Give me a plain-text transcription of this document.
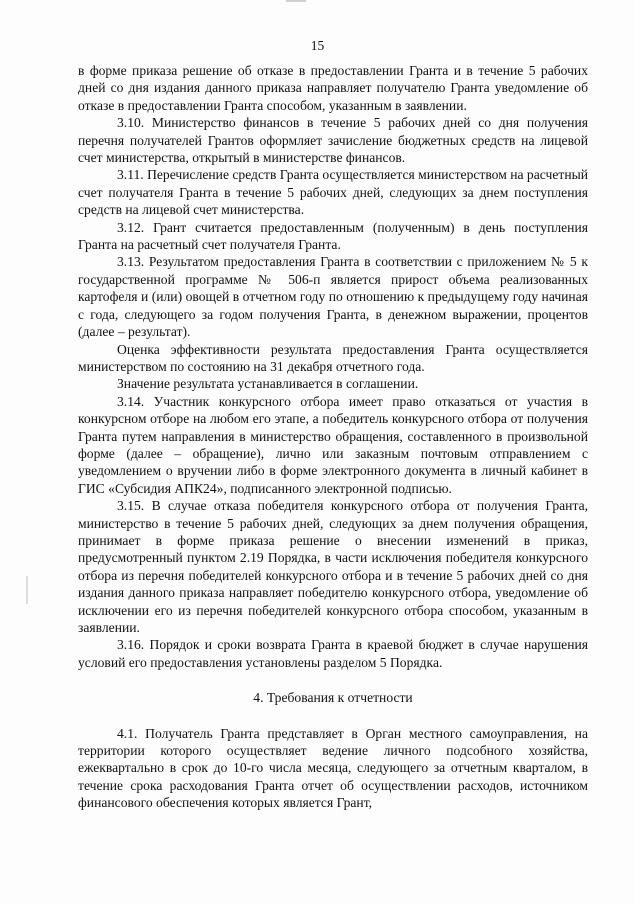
15

в форме приказа решение об отказе в предоставлении Гранта и в течение 5 рабочих дней со дня издания данного приказа направляет получателю Гранта уведомление об отказе в предоставлении Гранта способом, указанным в заявлении.

3.10. Министерство финансов в течение 5 рабочих дней со дня получения перечня получателей Грантов оформляет зачисление бюджетных средств на лицевой счет министерства, открытый в министерстве финансов.

3.11. Перечисление средств Гранта осуществляется министерством на расчетный счет получателя Гранта в течение 5 рабочих дней, следующих за днем поступления средств на лицевой счет министерства.

3.12. Грант считается предоставленным (полученным) в день поступления Гранта на расчетный счет получателя Гранта.

3.13. Результатом предоставления Гранта в соответствии с приложением № 5 к государственной программе № 506-п является прирост объема реализованных картофеля и (или) овощей в отчетном году по отношению к предыдущему году начиная с года, следующего за годом получения Гранта, в денежном выражении, процентов (далее – результат).

Оценка эффективности результата предоставления Гранта осуществляется министерством по состоянию на 31 декабря отчетного года.

Значение результата устанавливается в соглашении.

3.14. Участник конкурсного отбора имеет право отказаться от участия в конкурсном отборе на любом его этапе, а победитель конкурсного отбора от получения Гранта путем направления в министерство обращения, составленного в произвольной форме (далее – обращение), лично или заказным почтовым отправлением с уведомлением о вручении либо в форме электронного документа в личный кабинет в ГИС «Субсидия АПК24», подписанного электронной подписью.

3.15. В случае отказа победителя конкурсного отбора от получения Гранта, министерство в течение 5 рабочих дней, следующих за днем получения обращения, принимает в форме приказа решение о внесении изменений в приказ, предусмотренный пунктом 2.19 Порядка, в части исключения победителя конкурсного отбора из перечня победителей конкурсного отбора и в течение 5 рабочих дней со дня издания данного приказа направляет победителю конкурсного отбора, уведомление об исключении его из перечня победителей конкурсного отбора способом, указанным в заявлении.

3.16. Порядок и сроки возврата Гранта в краевой бюджет в случае нарушения условий его предоставления установлены разделом 5 Порядка.

4. Требования к отчетности

4.1. Получатель Гранта представляет в Орган местного самоуправления, на территории которого осуществляет ведение личного подсобного хозяйства, ежеквартально в срок до 10-го числа месяца, следующего за отчетным кварталом, в течение срока расходования Гранта отчет об осуществлении расходов, источником финансового обеспечения которых является Грант,
